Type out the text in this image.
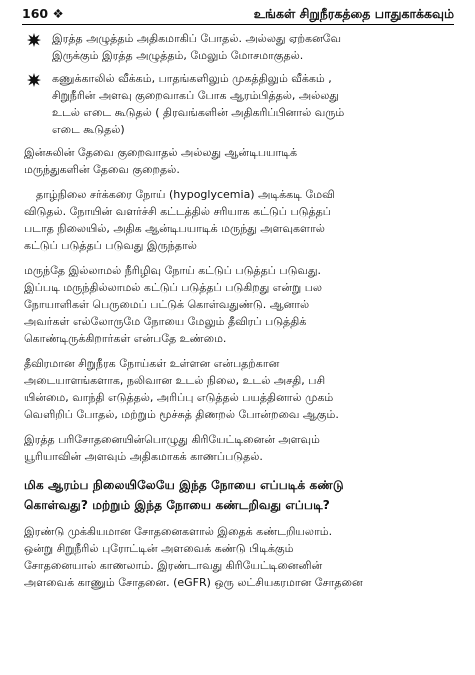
160 ❖	உங்கள் சிறுநீரகத்தை பாதுகாக்கவும்
இரத்த அழுத்தம் அதிகமாகிப் போதல். அல்லது ஏற்கனவே
இருக்கும் இரத்த அழுத்தம், மேலும் மோசமாகுதல்.
கணுக்காலில் வீக்கம், பாதங்களிலும் முகத்திலும் வீக்கம் ,
சிறுநீரின் அளவு குறைவாகப் போக ஆரம்பித்தல், அல்லது
உடல் எடை கூடுதல் ( திரவங்களின் அதிகரிப்பினால் வரும்
எடை கூடுதல்)
இன்சுலின் தேவை குறைவாதல் அல்லது ஆன்டிபயாடிக்
மருந்துகளின் தேவை குறைதல்.
தாழ்நிலை சர்க்கரை நோய் (hypoglycemia) அடிக்கடி மேவி
விடுதல். நோயின் வளர்ச்சி கட்டத்தில் சரியாக கட்டுப் படுத்தப்
படாத நிலையில், அதிக ஆன்டிபயாடிக் மருந்து அளவுகளால்
கட்டுப் படுத்தப் படுவது இருந்தால்
மருந்தே இல்லாமல் நீரிழிவு நோய் கட்டுப் படுத்தப் படுவது.
இப்படி மருந்தில்லாமல் கட்டுப் படுத்தப் படுகிறது என்று பல
நோயாளிகள் பெருமைப் பட்டுக் கொள்வதுண்டு. ஆனால்
அவர்கள் எல்லோருமே நோயை மேலும் தீவிரப் படுத்திக்
கொண்டிருக்கிறார்கள் என்பதே உண்மை.
தீவிரமான சிறுநீரக நோய்கள் உள்ளன என்பதற்கான
அடையாளங்களாக, நலிவான உடல் நிலை, உடல் அசதி, பசி
யின்மை, வாந்தி எடுத்தல், அரிப்பு எடுத்தல் பயத்தினால் முகம்
வெளிறிப் போதல், மற்றும் மூச்சுத் திணறல் போன்றவை ஆகும்.
இரத்த பரிசோதனையின்பொழுது கிரியேட்டினைன் அளவும்
யூரியாவின் அளவும் அதிகமாகக் காணப்படுதல்.
மிக ஆரம்ப நிலையிலேயே இந்த நோயை எப்படிக் கண்டு
கொள்வது? மற்றும் இந்த நோயை கண்டறிவது எப்படி?
இரண்டு முக்கியமான சோதனைகளால் இதைக் கண்டறியலாம்.
ஒன்று சிறுநீரில் புரோட்டின் அளவைக் கண்டு பிடிக்கும்
சோதனையால் காணலாம். இரண்டாவது கிரியேட்டினைனின்
அளவைக் காணும் சோதனை. (eGFR) ஒரு லட்சியகரமான சோதனை
